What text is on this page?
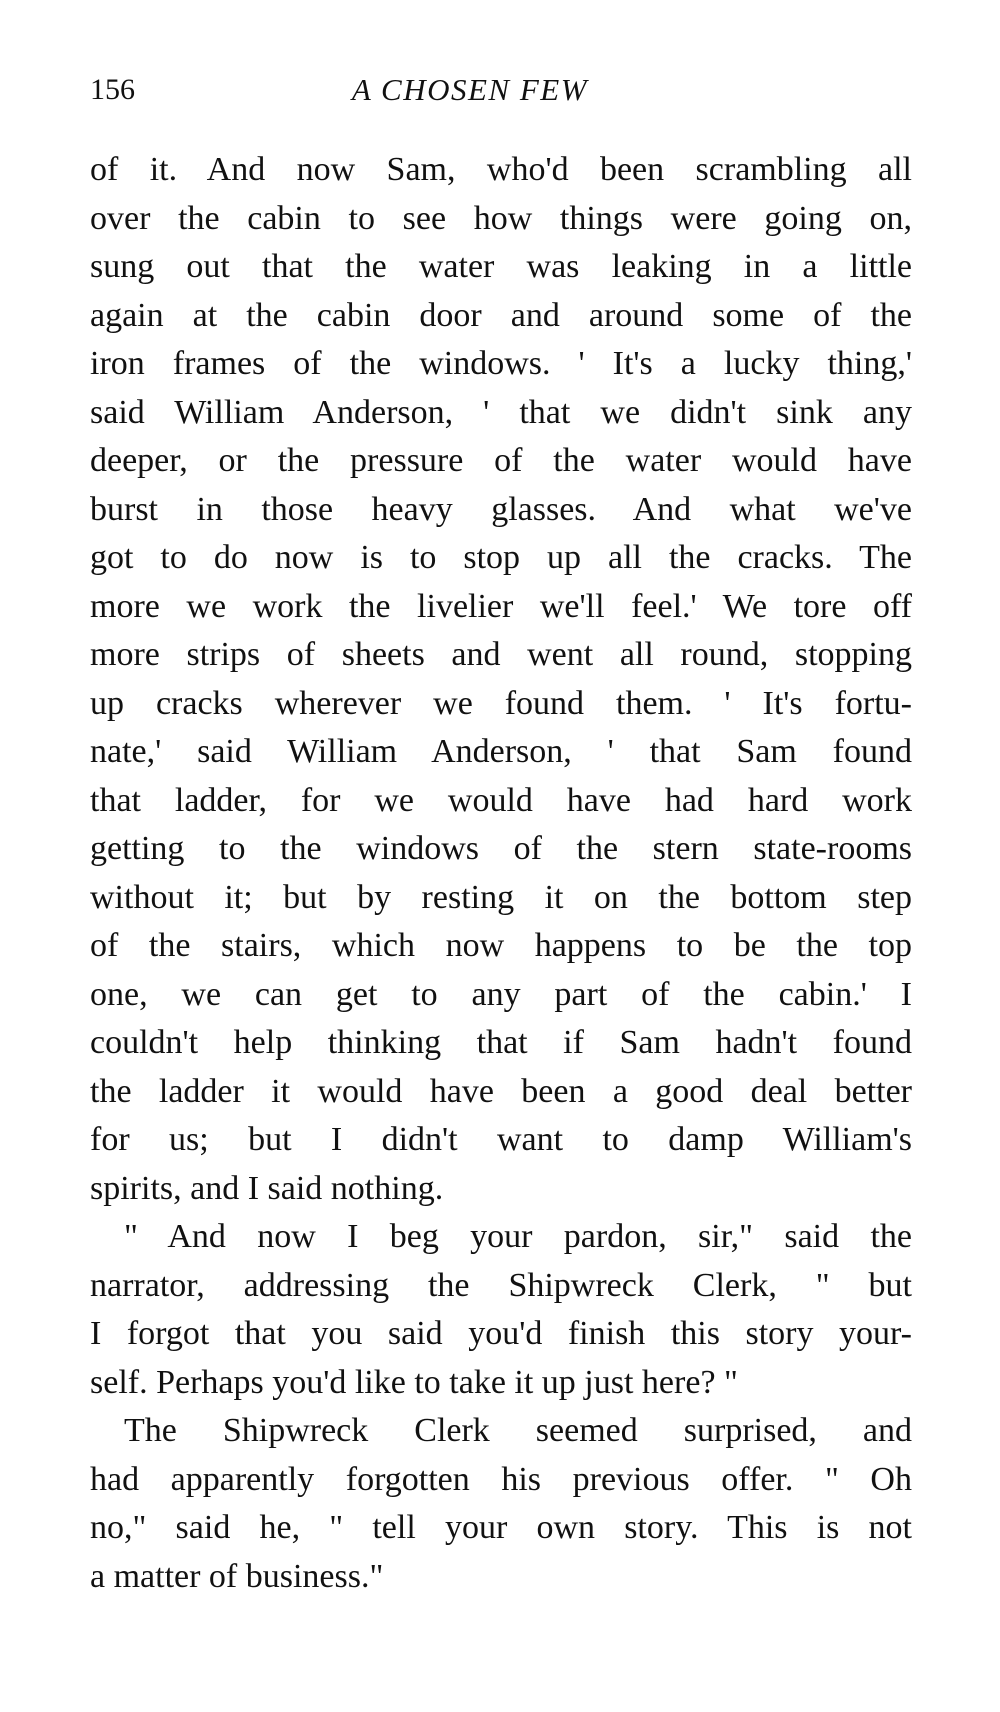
156	A CHOSEN FEW
of it. And now Sam, who'd been scrambling all
over the cabin to see how things were going on,
sung out that the water was leaking in a little
again at the cabin door and around some of the
iron frames of the windows. ' It's a lucky thing,'
said William Anderson, ' that we didn't sink any
deeper, or the pressure of the water would have
burst in those heavy glasses. And what we've
got to do now is to stop up all the cracks. The
more we work the livelier we'll feel.' We tore off
more strips of sheets and went all round, stopping
up cracks wherever we found them. ' It's fortu-
nate,' said William Anderson, ' that Sam found
that ladder, for we would have had hard work
getting to the windows of the stern state-rooms
without it; but by resting it on the bottom step
of the stairs, which now happens to be the top
one, we can get to any part of the cabin.' I
couldn't help thinking that if Sam hadn't found
the ladder it would have been a good deal better
for us; but I didn't want to damp William's
spirits, and I said nothing.
" And now I beg your pardon, sir," said the
narrator, addressing the Shipwreck Clerk, " but
I forgot that you said you'd finish this story your-
self. Perhaps you'd like to take it up just here? "
The Shipwreck Clerk seemed surprised, and
had apparently forgotten his previous offer. " Oh
no," said he, " tell your own story. This is not
a matter of business."
